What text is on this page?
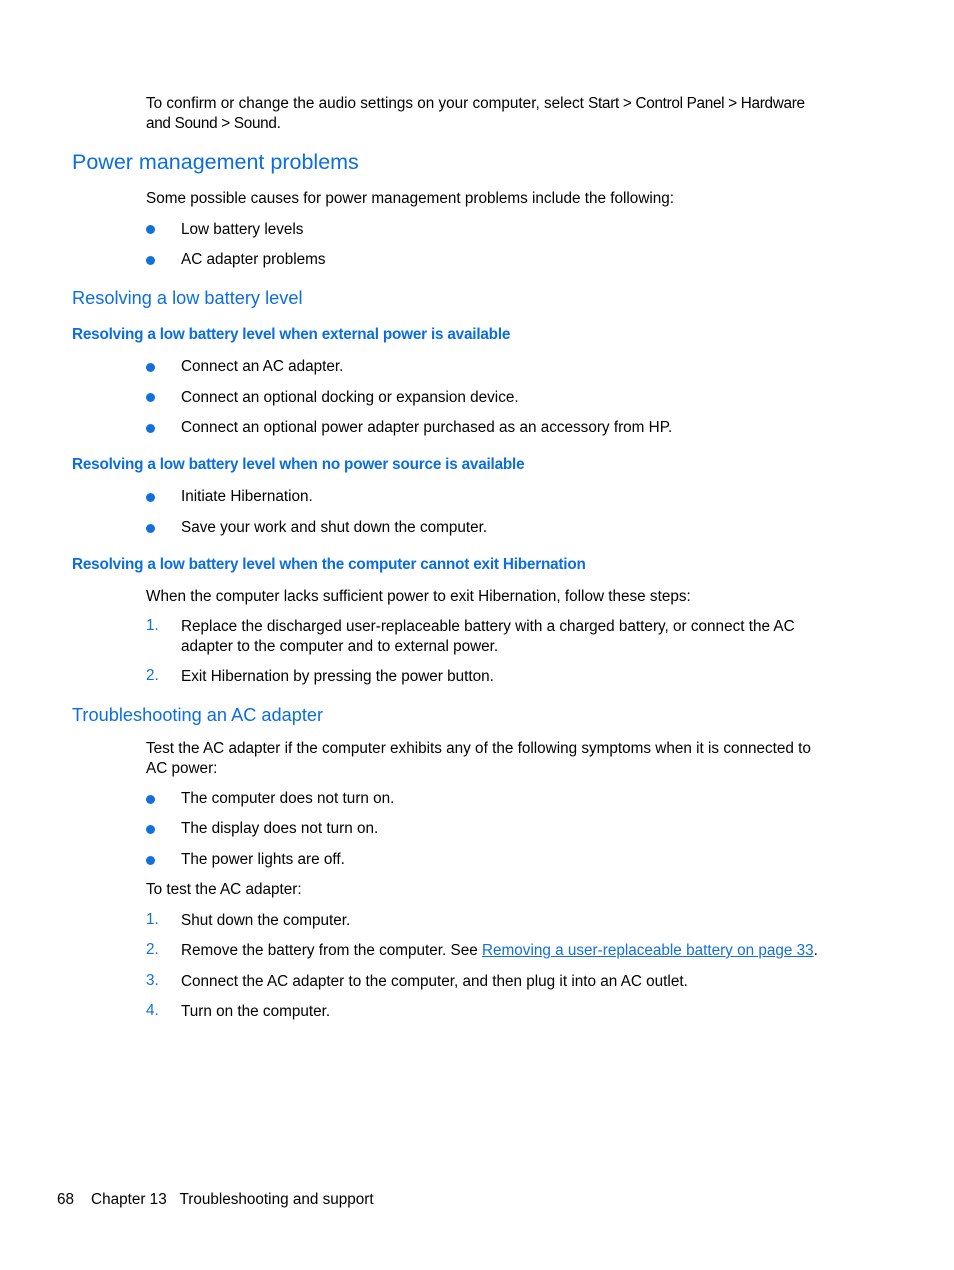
To confirm or change the audio settings on your computer, select Start > Control Panel > Hardware
and Sound > Sound.
Power management problems
Some possible causes for power management problems include the following:
Low battery levels
AC adapter problems
Resolving a low battery level
Resolving a low battery level when external power is available
Connect an AC adapter.
Connect an optional docking or expansion device.
Connect an optional power adapter purchased as an accessory from HP.
Resolving a low battery level when no power source is available
Initiate Hibernation.
Save your work and shut down the computer.
Resolving a low battery level when the computer cannot exit Hibernation
When the computer lacks sufficient power to exit Hibernation, follow these steps:
1. Replace the discharged user-replaceable battery with a charged battery, or connect the AC
adapter to the computer and to external power.
2. Exit Hibernation by pressing the power button.
Troubleshooting an AC adapter
Test the AC adapter if the computer exhibits any of the following symptoms when it is connected to
AC power:
The computer does not turn on.
The display does not turn on.
The power lights are off.
To test the AC adapter:
1. Shut down the computer.
2. Remove the battery from the computer. See Removing a user-replaceable battery on page 33.
3. Connect the AC adapter to the computer, and then plug it into an AC outlet.
4. Turn on the computer.
68 Chapter 13 Troubleshooting and support
